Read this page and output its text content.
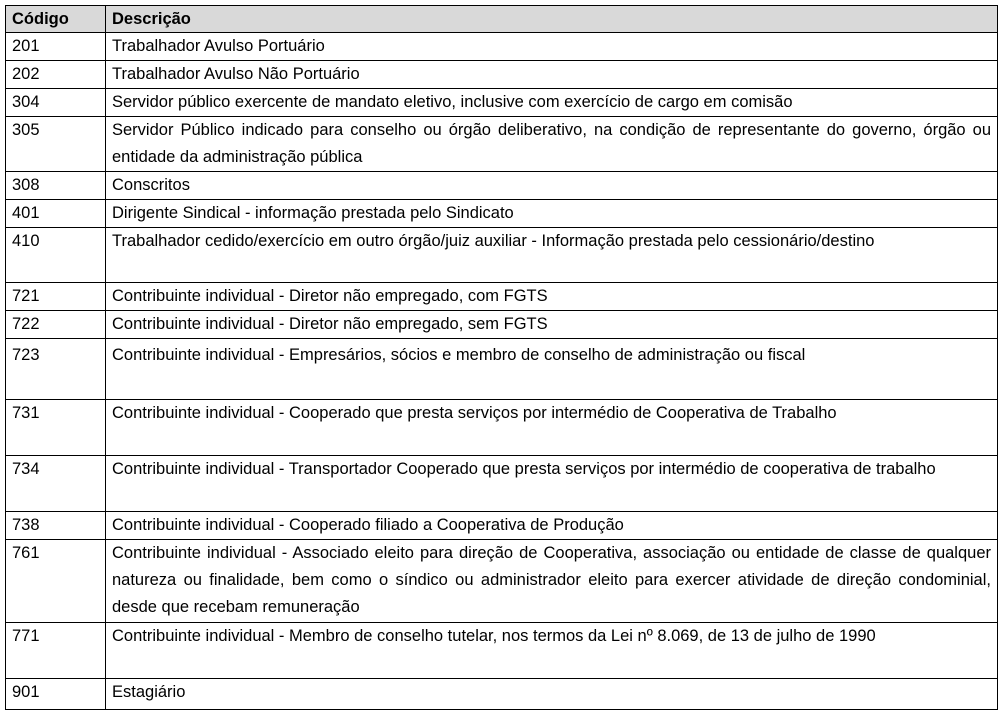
Código	Descrição
201	Trabalhador Avulso Portuário
202	Trabalhador Avulso Não Portuário
304	Servidor público exercente de mandato eletivo, inclusive com exercício de cargo em comisão
305	Servidor Público indicado para conselho ou órgão deliberativo, na condição de representante do governo, órgão ou entidade da administração pública
308	Conscritos
401	Dirigente Sindical - informação prestada pelo Sindicato
410	Trabalhador cedido/exercício em outro órgão/juiz auxiliar - Informação prestada pelo cessionário/destino
721	Contribuinte individual - Diretor não empregado, com FGTS
722	Contribuinte individual - Diretor não empregado, sem FGTS
723	Contribuinte individual - Empresários, sócios e membro de conselho de administração ou fiscal
731	Contribuinte individual - Cooperado que presta serviços por intermédio de Cooperativa de Trabalho
734	Contribuinte individual - Transportador Cooperado que presta serviços por intermédio de cooperativa de trabalho
738	Contribuinte individual - Cooperado filiado a Cooperativa de Produção
761	Contribuinte individual - Associado eleito para direção de Cooperativa, associação ou entidade de classe de qualquer natureza ou finalidade, bem como o síndico ou administrador eleito para exercer atividade de direção condominial, desde que recebam remuneração
771	Contribuinte individual - Membro de conselho tutelar, nos termos da Lei nº 8.069, de 13 de julho de 1990
901	Estagiário
